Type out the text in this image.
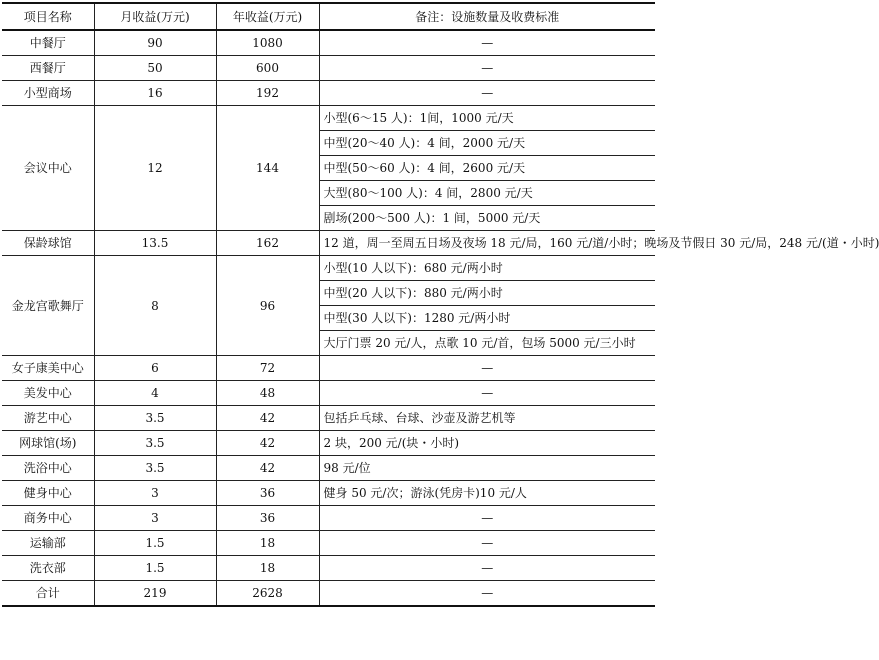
项目名称	月收益(万元)	年收益(万元)	备注：设施数量及收费标准
中餐厅	90	1080	—
西餐厅	50	600	—
小型商场	16	192	—
会议中心	12	144	小型(6～15 人)：1间，1000 元/天
			中型(20～40 人)：4 间，2000 元/天
			中型(50～60 人)：4 间，2600 元/天
			大型(80～100 人)：4 间，2800 元/天
			剧场(200～500 人)：1 间，5000 元/天
保龄球馆	13.5	162	12 道，周一至周五日场及夜场 18 元/局，160 元/道/小时；晚场及节假日 30 元/局，248 元/(道・小时)
金龙宫歌舞厅	8	96	小型(10 人以下)：680 元/两小时
			中型(20 人以下)：880 元/两小时
			中型(30 人以下)：1280 元/两小时
			大厅门票 20 元/人，点歌 10 元/首，包场 5000 元/三小时
女子康美中心	6	72	—
美发中心	4	48	—
游艺中心	3.5	42	包括乒乓球、台球、沙壶及游艺机等
网球馆(场)	3.5	42	2 块，200 元/(块・小时)
洗浴中心	3.5	42	98 元/位
健身中心	3	36	健身 50 元/次；游泳(凭房卡)10 元/人
商务中心	3	36	—
运输部	1.5	18	—
洗衣部	1.5	18	—
合计	219	2628	—
